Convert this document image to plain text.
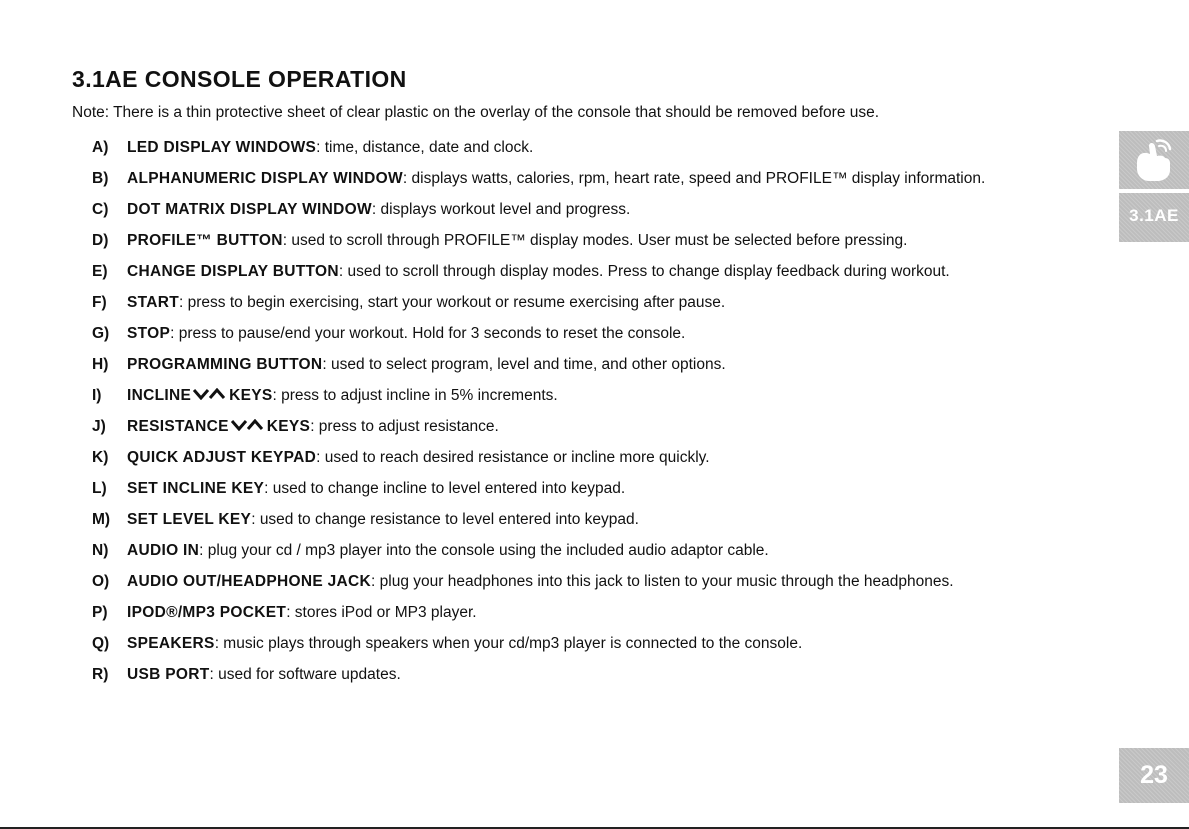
3.1AE CONSOLE OPERATION
Note: There is a thin protective sheet of clear plastic on the overlay of the console that should be removed before use.
A) LED DISPLAY WINDOWS: time, distance, date and clock.
B) ALPHANUMERIC DISPLAY WINDOW: displays watts, calories, rpm, heart rate, speed and PROFILE™ display information.
C) DOT MATRIX DISPLAY WINDOW: displays workout level and progress.
D) PROFILE™ BUTTON: used to scroll through PROFILE™ display modes. User must be selected before pressing.
E) CHANGE DISPLAY BUTTON: used to scroll through display modes. Press to change display feedback during workout.
F) START: press to begin exercising, start your workout or resume exercising after pause.
G) STOP: press to pause/end your workout. Hold for 3 seconds to reset the console.
H) PROGRAMMING BUTTON: used to select program, level and time, and other options.
I) INCLINE KEYS: press to adjust incline in 5% increments.
J) RESISTANCE KEYS: press to adjust resistance.
K) QUICK ADJUST KEYPAD: used to reach desired resistance or incline more quickly.
L) SET INCLINE KEY: used to change incline to level entered into keypad.
M) SET LEVEL KEY: used to change resistance to level entered into keypad.
N) AUDIO IN: plug your cd / mp3 player into the console using the included audio adaptor cable.
O) AUDIO OUT/HEADPHONE JACK: plug your headphones into this jack to listen to your music through the headphones.
P) IPOD®/MP3 POCKET: stores iPod or MP3 player.
Q) SPEAKERS: music plays through speakers when your cd/mp3 player is connected to the console.
R) USB PORT: used for software updates.
3.1AE
23
